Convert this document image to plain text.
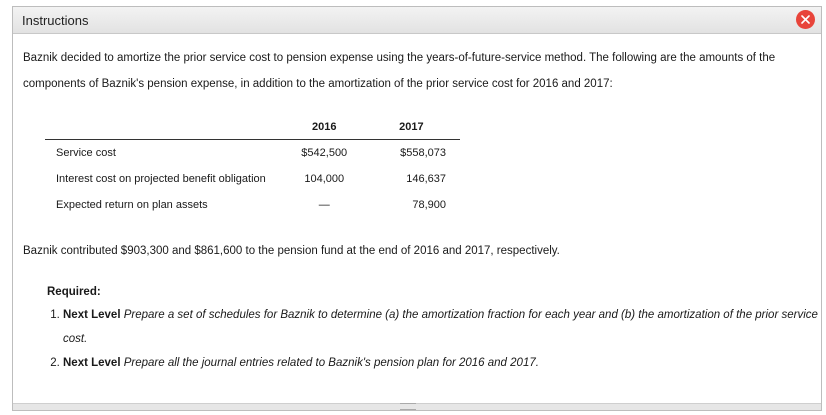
Instructions
Baznik decided to amortize the prior service cost to pension expense using the years-of-future-service method. The following are the amounts of the components of Baznik's pension expense, in addition to the amortization of the prior service cost for 2016 and 2017:
	2016	2017
Service cost	$542,500	$558,073
Interest cost on projected benefit obligation	104,000	146,637
Expected return on plan assets	—	78,900
Baznik contributed $903,300 and $861,600 to the pension fund at the end of 2016 and 2017, respectively.
Required:
1. Next Level Prepare a set of schedules for Baznik to determine (a) the amortization fraction for each year and (b) the amortization of the prior service cost.
2. Next Level Prepare all the journal entries related to Baznik's pension plan for 2016 and 2017.
